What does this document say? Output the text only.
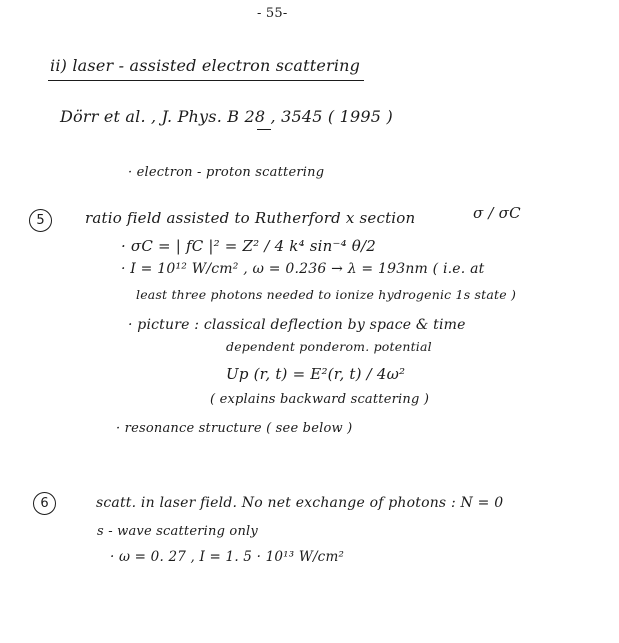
- 55-
ii) laser - assisted electron scattering
Dörr et al. , J. Phys. B 28 , 3545 ( 1995 )
· electron - proton scattering
5	ratio field assisted to Rutherford x section	σ / σC
· σC = | fC |² = Z² / 4 k⁴ sin⁻⁴ θ/2
· I = 10¹² W/cm² , ω = 0.236 → λ = 193nm ( i.e. at
least three photons needed to ionize hydrogenic 1s state )
· picture : classical deflection by space & time
dependent ponderom. potential
Up (r, t) = E²(r, t) / 4ω²
( explains backward scattering )
· resonance structure ( see below )
6	scatt. in laser field. No net exchange of photons : N = 0
s - wave scattering only
· ω = 0. 27 , I = 1. 5 · 10¹³ W/cm²
